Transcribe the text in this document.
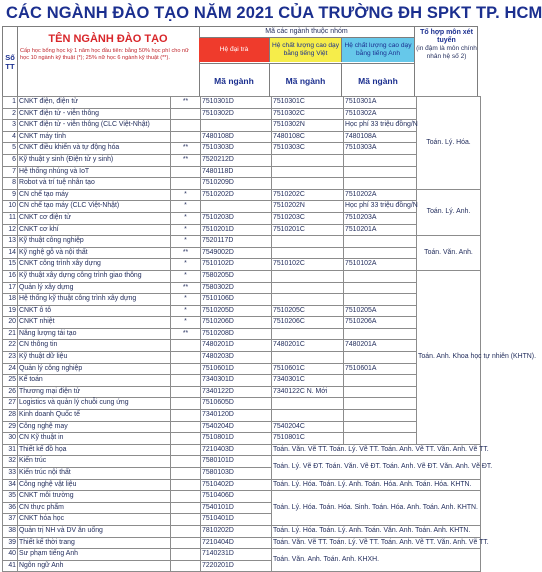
CÁC NGÀNH ĐÀO TẠO NĂM 2021 CỦA TRƯỜNG ĐH SPKT TP. HCM
Số TT
TÊN NGÀNH ĐÀO TẠO
Cấp học bổng học kỳ 1 năm học đầu tiên: bằng 50% học phí cho nữ học 10 ngành kỹ thuật (*); 25% nữ học 6 ngành kỹ thuật (**).
Mã các ngành thuộc nhóm
Hệ đại trà
Hệ chất lượng cao dạy bằng tiếng Việt
Hệ chất lượng cao dạy bằng tiếng Anh
Mã ngành	Mã ngành	Mã ngành
Tổ hợp môn xét tuyển
(in đậm là môn chính nhân hệ số 2)
1	CNKT điện, điện tử	**	7510301D	7510301C	7510301A	Toán. Lý. Hóa.
2	CNKT điện tử - viễn thông		7510302D	7510302C	7510302A	
3	CNKT điện tử - viễn thông (CLC Việt-Nhật)			7510302N	Học phí 33 triệu đồng/N	
4	CNKT máy tính		7480108D	7480108C	7480108A	
5	CNKT điều khiển và tự động hóa	**	7510303D	7510303C	7510303A	
6	Kỹ thuật y sinh (Điện tử y sinh)	**	7520212D			
7	Hệ thống nhúng và IoT		7480118D			
8	Robot và trí tuệ nhân tạo		7510209D			
9	CN chế tạo máy	*	7510202D	7510202C	7510202A	Toán. Lý. Anh.
10	CN chế tạo máy (CLC Việt-Nhật)	*		7510202N	Học phí 33 triệu đồng/N	
11	CNKT cơ điện tử	*	7510203D	7510203C	7510203A	
12	CNKT cơ khí	*	7510201D	7510201C	7510201A	
13	Kỹ thuật công nghiệp	*	7520117D			Toán. Văn. Anh.
14	Kỹ nghệ gỗ và nội thất	**	7549002D			
15	CNKT công trình xây dựng	*	7510102D	7510102C	7510102A	
16	Kỹ thuật xây dựng công trình giao thông	*	7580205D			Toán. Anh. Khoa học tự nhiên (KHTN).
17	Quản lý xây dựng	**	7580302D			
18	Hệ thống kỹ thuật công trình xây dựng	*	7510106D			
19	CNKT ô tô	*	7510205D	7510205C	7510205A	
20	CNKT nhiệt	*	7510206D	7510206C	7510206A	
21	Năng lượng tái tạo	**	7510208D			
22	CN thông tin		7480201D	7480201C	7480201A	
23	Kỹ thuật dữ liệu		7480203D			
24	Quản lý công nghiệp		7510601D	7510601C	7510601A	
25	Kế toán		7340301D	7340301C		
26	Thương mại điện tử		7340122D	7340122C N. Mới		
27	Logistics và quản lý chuỗi cung ứng		7510605D			
28	Kinh doanh Quốc tế		7340120D			
29	Công nghệ may		7540204D	7540204C		
30	CN Kỹ thuật in		7510801D	7510801C		
31	Thiết kế đồ họa		7210403D	Toán. Văn. Vẽ TT. Toán. Lý. Vẽ TT. Toán. Anh. Vẽ TT. Văn. Anh. Vẽ TT.		
32	Kiến trúc		7580101D	Toán. Lý. Vẽ ĐT. Toán. Văn. Vẽ ĐT. Toán. Anh. Vẽ ĐT. Văn. Anh. Vẽ ĐT.		
33	Kiến trúc nội thất		7580103D			
34	Công nghệ vật liệu		7510402D	Toán. Lý. Hóa. Toán. Lý. Anh. Toán. Hóa. Anh. Toán. Hóa. KHTN.		
35	CNKT môi trường		7510406D	Toán. Lý. Hóa. Toán. Hóa. Sinh. Toán. Hóa. Anh. Toán. Anh. KHTN.		
36	CN thực phẩm		7540101D			
37	CNKT hóa học		7510401D			
38	Quản trị NH và DV ăn uống		7810202D	Toán. Lý. Hóa. Toán. Lý. Anh. Toán. Văn. Anh. Toán. Anh. KHTN.		
39	Thiết kế thời trang		7210404D	Toán. Văn. Vẽ TT. Toán. Lý. Vẽ TT. Toán. Anh. Vẽ TT. Văn. Anh. Vẽ TT.		
40	Sư phạm tiếng Anh		7140231D	Toán. Văn. Anh. Toán. Anh. KHXH.		
41	Ngôn ngữ Anh		7220201D			
